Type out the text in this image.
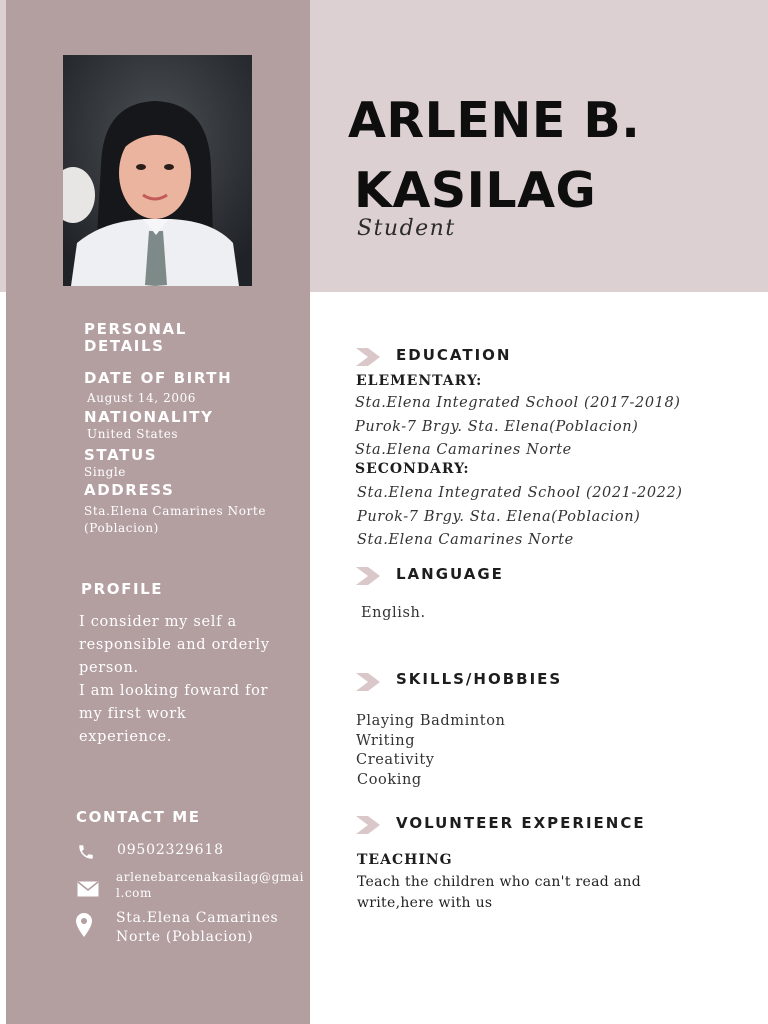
ARLENE B.
KASILAG
Student
PERSONAL
DETAILS
DATE OF BIRTH
August 14, 2006
NATIONALITY
United States
STATUS
Single
ADDRESS
Sta.Elena Camarines Norte
(Poblacion)
PROFILE
I consider my self a
responsible and orderly
person.
I am looking foward for
my first work
experience.
CONTACT ME
09502329618
arlenebarcenakasilag@gmai
l.com
Sta.Elena Camarines
Norte (Poblacion)
EDUCATION
ELEMENTARY:
Sta.Elena Integrated School (2017-2018)
Purok-7 Brgy. Sta. Elena(Poblacion)
Sta.Elena Camarines Norte
SECONDARY:
Sta.Elena Integrated School (2021-2022)
Purok-7 Brgy. Sta. Elena(Poblacion)
Sta.Elena Camarines Norte
LANGUAGE
English.
SKILLS/HOBBIES
Playing Badminton
Writing
Creativity
Cooking
VOLUNTEER EXPERIENCE
TEACHING
Teach the children who can't read and
write,here with us
